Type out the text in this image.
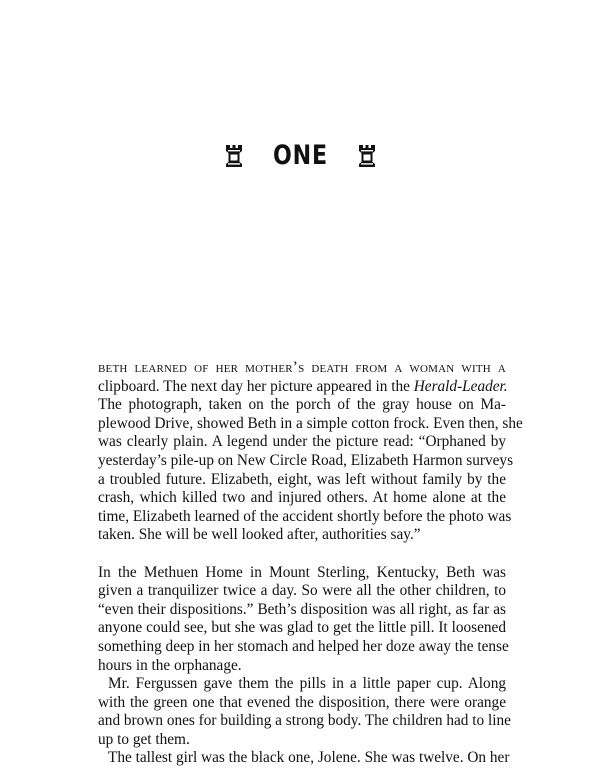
ONE
beth learned of her mother’s death from a woman with a
clipboard. The next day her picture appeared in the Herald-Leader.
The photograph, taken on the porch of the gray house on Ma-
plewood Drive, showed Beth in a simple cotton frock. Even then, she
was clearly plain. A legend under the picture read: “Orphaned by
yesterday’s pile-up on New Circle Road, Elizabeth Harmon surveys
a troubled future. Elizabeth, eight, was left without family by the
crash, which killed two and injured others. At home alone at the
time, Elizabeth learned of the accident shortly before the photo was
taken. She will be well looked after, authorities say.”
In the Methuen Home in Mount Sterling, Kentucky, Beth was
given a tranquilizer twice a day. So were all the other children, to
“even their dispositions.” Beth’s disposition was all right, as far as
anyone could see, but she was glad to get the little pill. It loosened
something deep in her stomach and helped her doze away the tense
hours in the orphanage.
Mr. Fergussen gave them the pills in a little paper cup. Along
with the green one that evened the disposition, there were orange
and brown ones for building a strong body. The children had to line
up to get them.
The tallest girl was the black one, Jolene. She was twelve. On her
